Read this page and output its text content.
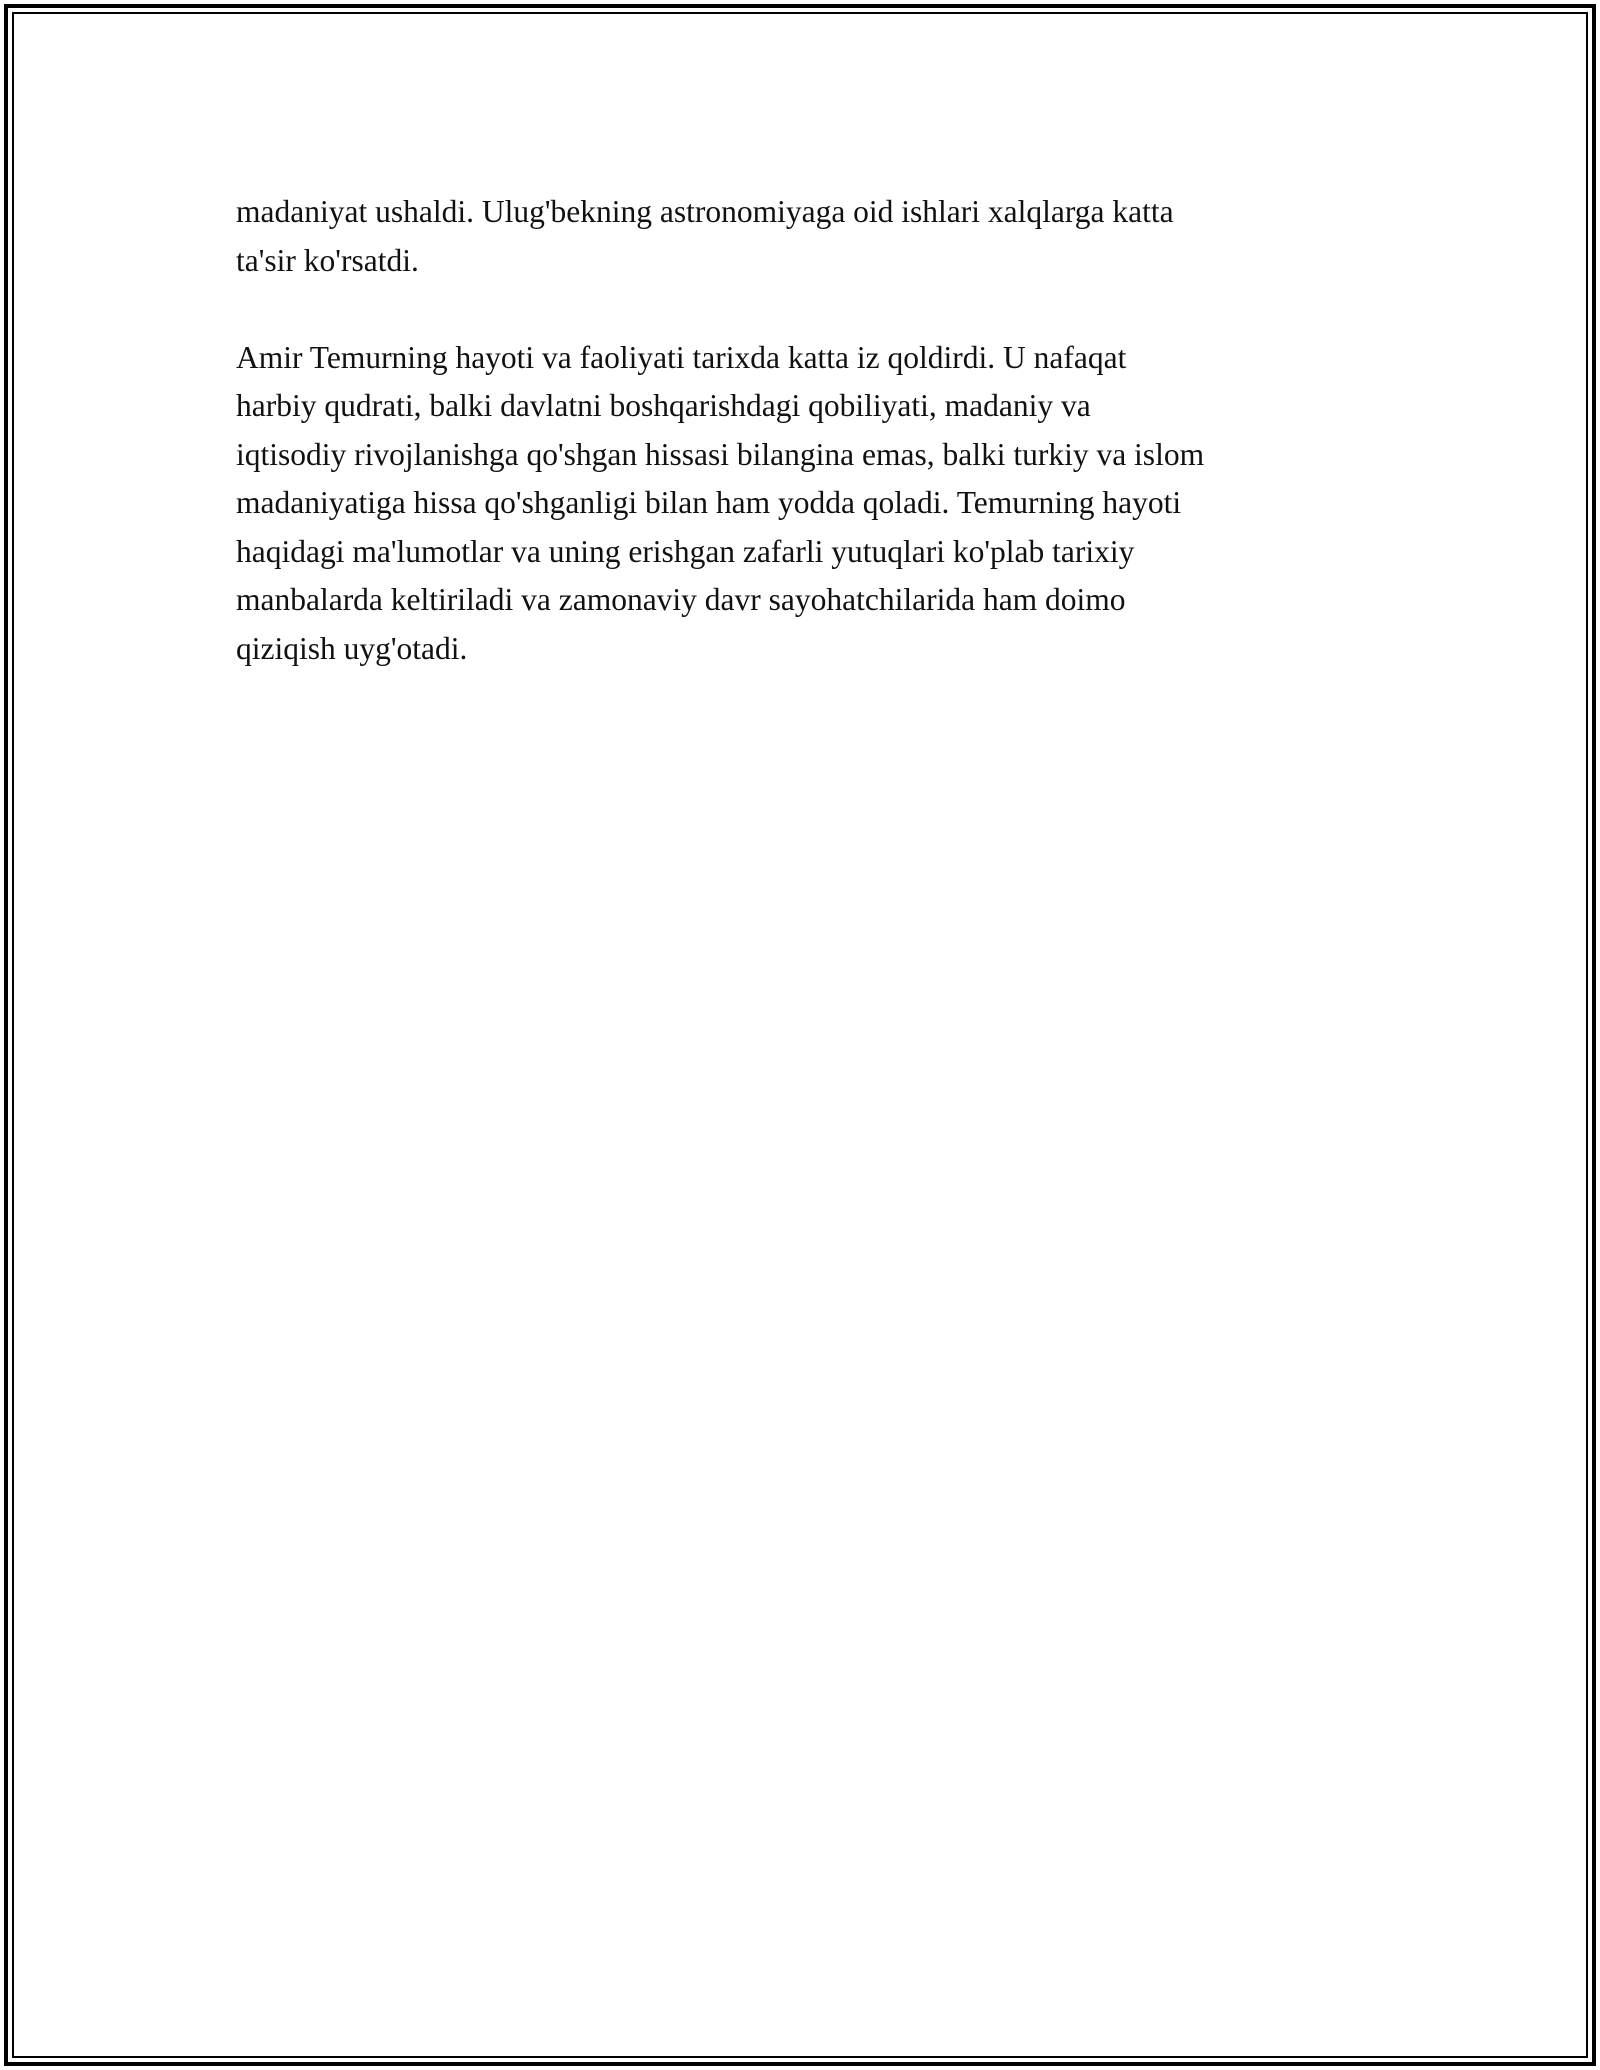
madaniyat ushaldi. Ulug'bekning astronomiyaga oid ishlari xalqlarga katta
ta'sir ko'rsatdi.

Amir Temurning hayoti va faoliyati tarixda katta iz qoldirdi. U nafaqat
harbiy qudrati, balki davlatni boshqarishdagi qobiliyati, madaniy va
iqtisodiy rivojlanishga qo'shgan hissasi bilangina emas, balki turkiy va islom
madaniyatiga hissa qo'shganligi bilan ham yodda qoladi. Temurning hayoti
haqidagi ma'lumotlar va uning erishgan zafarli yutuqlari ko'plab tarixiy
manbalarda keltiriladi va zamonaviy davr sayohatchilarida ham doimo
qiziqish uyg'otadi.
